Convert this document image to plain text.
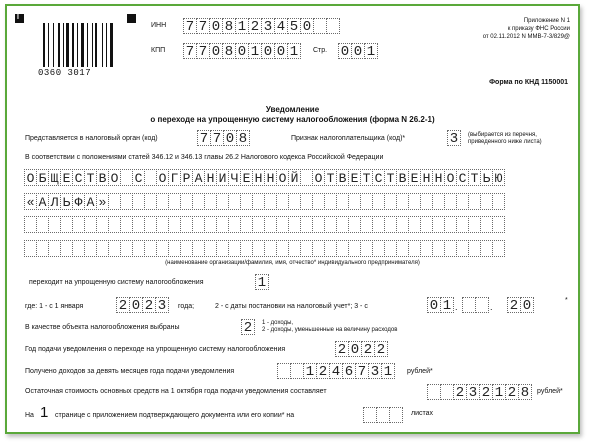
I
0360 3017
ИНН 7 7 0 8 1 2 3 4 5 0
КПП 7 7 0 8 0 1 0 0 1	Стр. 0 0 1
Приложение N 1
к приказу ФНС России
от 02.11.2012 N ММВ-7-3/829@
Форма по КНД 1150001
Уведомление
о переходе на упрощенную систему налогообложения (форма N 26.2-1)
Представляется в налоговый орган (код)	7 7 0 8	Признак налогоплательщика (код)*	3	(выбирается из перечня,
приведенного ниже листа)
В соответствии с положениями статей 346.12 и 346.13 главы 26.2 Налогового кодекса Российской Федерации
О Б Щ Е С Т В О С О Г Р А Н И Ч Е Н Н О Й О Т В Е Т С Т В Е Н Н О С Т Ь Ю
« А Л Ь Ф А »
(наименование организации/фамилия, имя, отчество* индивидуального предпринимателя)
переходит на упрощенную систему налогообложения	1
где: 1 - с 1 января	2 0 2 3	года;	2 - с даты постановки на налоговый учет*; 3 - с	0 1 .	. 2 0	*
В качестве объекта налогообложения выбраны	2	1 - доходы,
2 - доходы, уменьшенные на величину расходов
Год подачи уведомления о переходе на упрощенную систему налогообложения	2 0 2 2
Получено доходов за девять месяцев года подачи уведомления	1 2 4 6 7 3 1	рублей*
Остаточная стоимость основных средств на 1 октября года подачи уведомления составляет	2 3 2 1 2 8	рублей*
На 1 странице с приложением подтверждающего документа или его копии* на	листах
